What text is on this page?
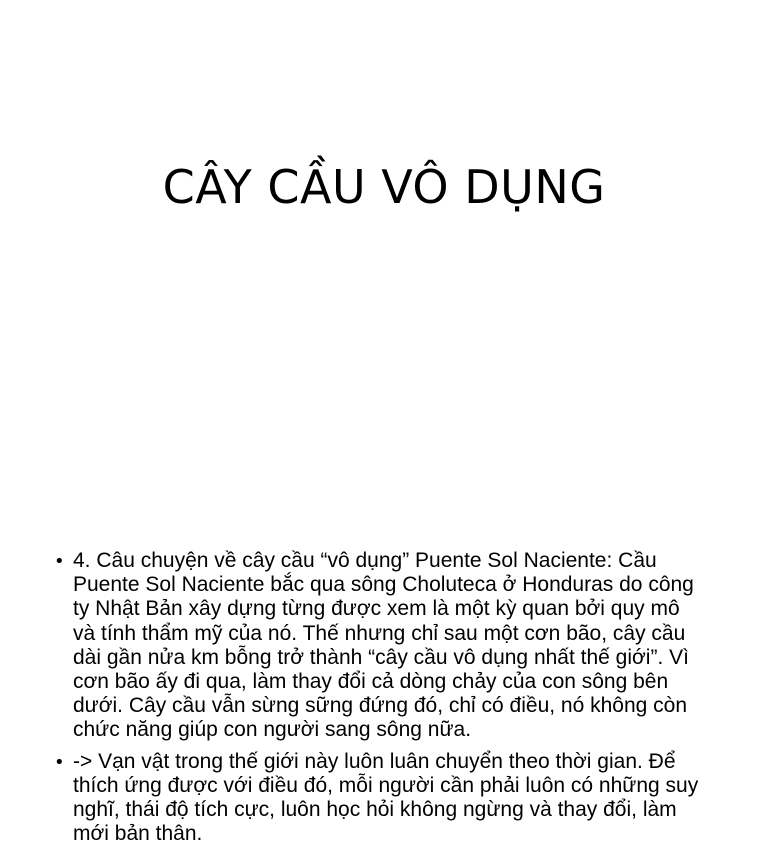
CÂY CẦU VÔ DỤNG
• 4. Câu chuyện về cây cầu “vô dụng” Puente Sol Naciente: Cầu Puente Sol Naciente bắc qua sông Choluteca ở Honduras do công ty Nhật Bản xây dựng từng được xem là một kỳ quan bởi quy mô và tính thẩm mỹ của nó. Thế nhưng chỉ sau một cơn bão, cây cầu dài gần nửa km bỗng trở thành “cây cầu vô dụng nhất thế giới”. Vì cơn bão ấy đi qua, làm thay đổi cả dòng chảy của con sông bên dưới. Cây cầu vẫn sừng sững đứng đó, chỉ có điều, nó không còn chức năng giúp con người sang sông nữa.
• -> Vạn vật trong thế giới này luôn luân chuyển theo thời gian. Để thích ứng được với điều đó, mỗi người cần phải luôn có những suy nghĩ, thái độ tích cực, luôn học hỏi không ngừng và thay đổi, làm mới bản thân.
